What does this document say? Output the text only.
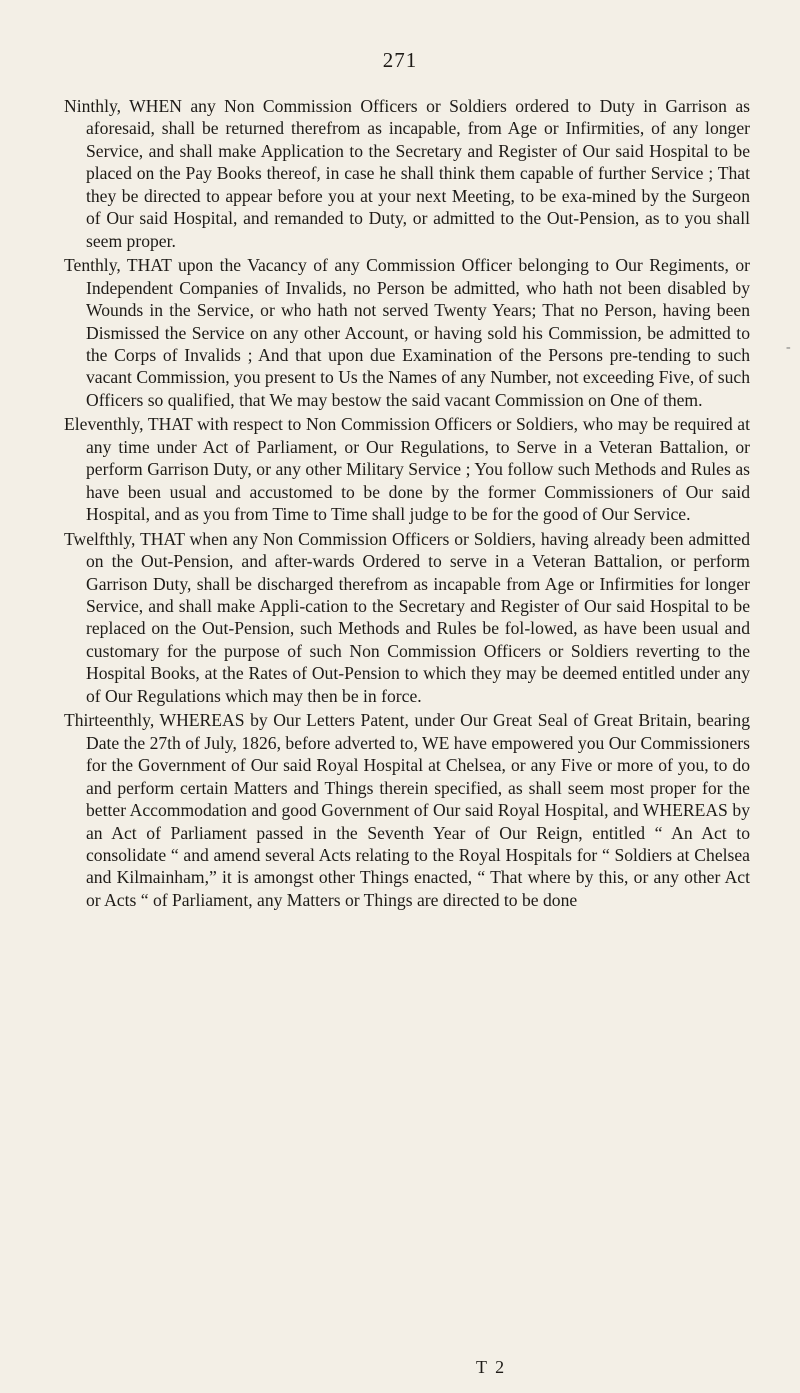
271

Ninthly, WHEN any Non Commission Officers or Soldiers ordered to Duty in Garrison as aforesaid, shall be returned therefrom as incapable, from Age or Infirmities, of any longer Service, and shall make Application to the Secretary and Register of Our said Hospital to be placed on the Pay Books thereof, in case he shall think them capable of further Service ; That they be directed to appear before you at your next Meeting, to be exa-mined by the Surgeon of Our said Hospital, and remanded to Duty, or admitted to the Out-Pension, as to you shall seem proper.

Tenthly, THAT upon the Vacancy of any Commission Officer belonging to Our Regiments, or Independent Companies of Invalids, no Person be admitted, who hath not been disabled by Wounds in the Service, or who hath not served Twenty Years; That no Person, having been Dismissed the Service on any other Account, or having sold his Commission, be admitted to the Corps of Invalids ; And that upon due Examination of the Persons pre-tending to such vacant Commission, you present to Us the Names of any Number, not exceeding Five, of such Officers so qualified, that We may bestow the said vacant Commission on One of them.

Eleventhly, THAT with respect to Non Commission Officers or Soldiers, who may be required at any time under Act of Parliament, or Our Regulations, to Serve in a Veteran Battalion, or perform Garrison Duty, or any other Military Service ; You follow such Methods and Rules as have been usual and accustomed to be done by the former Commissioners of Our said Hospital, and as you from Time to Time shall judge to be for the good of Our Service.

Twelfthly, THAT when any Non Commission Officers or Soldiers, having already been admitted on the Out-Pension, and after-wards Ordered to serve in a Veteran Battalion, or perform Garrison Duty, shall be discharged therefrom as incapable from Age or Infirmities for longer Service, and shall make Appli-cation to the Secretary and Register of Our said Hospital to be replaced on the Out-Pension, such Methods and Rules be fol-lowed, as have been usual and customary for the purpose of such Non Commission Officers or Soldiers reverting to the Hospital Books, at the Rates of Out-Pension to which they may be deemed entitled under any of Our Regulations which may then be in force.

Thirteenthly, WHEREAS by Our Letters Patent, under Our Great Seal of Great Britain, bearing Date the 27th of July, 1826, before adverted to, WE have empowered you Our Commissioners for the Government of Our said Royal Hospital at Chelsea, or any Five or more of you, to do and perform certain Matters and Things therein specified, as shall seem most proper for the better Accommodation and good Government of Our said Royal Hospital, and WHEREAS by an Act of Parliament passed in the Seventh Year of Our Reign, entitled “ An Act to consolidate “ and amend several Acts relating to the Royal Hospitals for “ Soldiers at Chelsea and Kilmainham,” it is amongst other Things enacted, “ That where by this, or any other Act or Acts “ of Parliament, any Matters or Things are directed to be done

-
T 2
